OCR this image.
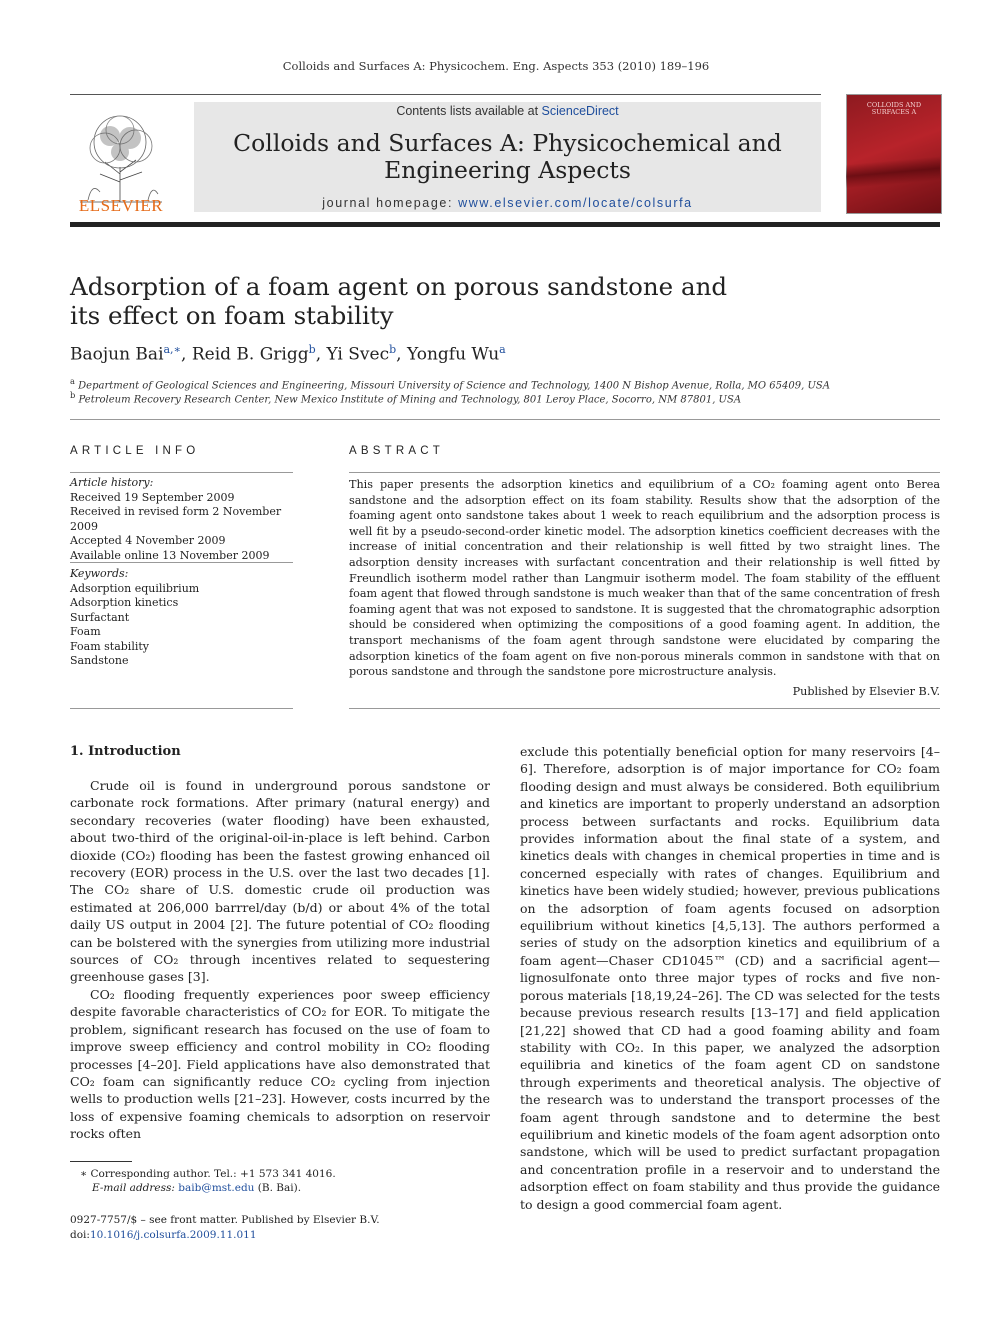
Colloids and Surfaces A: Physicochem. Eng. Aspects 353 (2010) 189–196
ELSEVIER
Contents lists available at ScienceDirect
Colloids and Surfaces A: Physicochemical and
Engineering Aspects
journal homepage: www.elsevier.com/locate/colsurfa
COLLOIDS AND SURFACES A
Adsorption of a foam agent on porous sandstone and
its effect on foam stability
Baojun Bai$^{a,∗}$, Reid B. Grigg$^b$, Yi Svec$^b$, Yongfu Wu$^a$
$^a$ Department of Geological Sciences and Engineering, Missouri University of Science and Technology, 1400 N Bishop Avenue, Rolla, MO 65409, USA
$^b$ Petroleum Recovery Research Center, New Mexico Institute of Mining and Technology, 801 Leroy Place, Socorro, NM 87801, USA
ARTICLE INFO
Article history:
Received 19 September 2009
Received in revised form 2 November 2009
Accepted 4 November 2009
Available online 13 November 2009
Keywords:
Adsorption equilibrium
Adsorption kinetics
Surfactant
Foam
Foam stability
Sandstone
ABSTRACT
This paper presents the adsorption kinetics and equilibrium of a CO₂ foaming agent onto Berea sandstone and the adsorption effect on its foam stability. Results show that the adsorption of the foaming agent onto sandstone takes about 1 week to reach equilibrium and the adsorption process is well fit by a pseudo-second-order kinetic model. The adsorption kinetics coefficient decreases with the increase of initial concentration and their relationship is well fitted by two straight lines. The adsorption density increases with surfactant concentration and their relationship is well fitted by Freundlich isotherm model rather than Langmuir isotherm model. The foam stability of the effluent foam agent that flowed through sandstone is much weaker than that of the same concentration of fresh foaming agent that was not exposed to sandstone. It is suggested that the chromatographic adsorption should be considered when optimizing the compositions of a good foaming agent. In addition, the transport mechanisms of the foam agent through sandstone were elucidated by comparing the adsorption kinetics of the foam agent on five non-porous minerals common in sandstone with that on porous sandstone and through the sandstone pore microstructure analysis.
Published by Elsevier B.V.
1. Introduction

Crude oil is found in underground porous sandstone or carbonate rock formations. After primary (natural energy) and secondary recoveries (water flooding) have been exhausted, about two-third of the original-oil-in-place is left behind. Carbon dioxide (CO₂) flooding has been the fastest growing enhanced oil recovery (EOR) process in the U.S. over the last two decades [1]. The CO₂ share of U.S. domestic crude oil production was estimated at 206,000 barrrel/day (b/d) or about 4% of the total daily US output in 2004 [2]. The future potential of CO₂ flooding can be bolstered with the synergies from utilizing more industrial sources of CO₂ through incentives related to sequestering greenhouse gases [3].

CO₂ flooding frequently experiences poor sweep efficiency despite favorable characteristics of CO₂ for EOR. To mitigate the problem, significant research has focused on the use of foam to improve sweep efficiency and control mobility in CO₂ flooding processes [4–20]. Field applications have also demonstrated that CO₂ foam can significantly reduce CO₂ cycling from injection wells to production wells [21–23]. However, costs incurred by the loss of expensive foaming chemicals to adsorption on reservoir rocks often

exclude this potentially beneficial option for many reservoirs [4–6]. Therefore, adsorption is of major importance for CO₂ foam flooding design and must always be considered. Both equilibrium and kinetics are important to properly understand an adsorption process between surfactants and rocks. Equilibrium data provides information about the final state of a system, and kinetics deals with changes in chemical properties in time and is concerned especially with rates of changes. Equilibrium and kinetics have been widely studied; however, previous publications on the adsorption of foam agents focused on adsorption equilibrium without kinetics [4,5,13]. The authors performed a series of study on the adsorption kinetics and equilibrium of a foam agent—Chaser CD1045™ (CD) and a sacrificial agent—lignosulfonate onto three major types of rocks and five non-porous materials [18,19,24–26]. The CD was selected for the tests because previous research results [13–17] and field application [21,22] showed that CD had a good foaming ability and foam stability with CO₂. In this paper, we analyzed the adsorption equilibria and kinetics of the foam agent CD on sandstone through experiments and theoretical analysis. The objective of the research was to understand the transport processes of the foam agent through sandstone and to determine the best equilibrium and kinetic models of the foam agent adsorption onto sandstone, which will be used to predict surfactant propagation and concentration profile in a reservoir and to understand the adsorption effect on foam stability and thus provide the guidance to design a good commercial foam agent.

∗ Corresponding author. Tel.: +1 573 341 4016.
E-mail address: baib@mst.edu (B. Bai).
0927-7757/$ – see front matter. Published by Elsevier B.V.
doi:10.1016/j.colsurfa.2009.11.011
